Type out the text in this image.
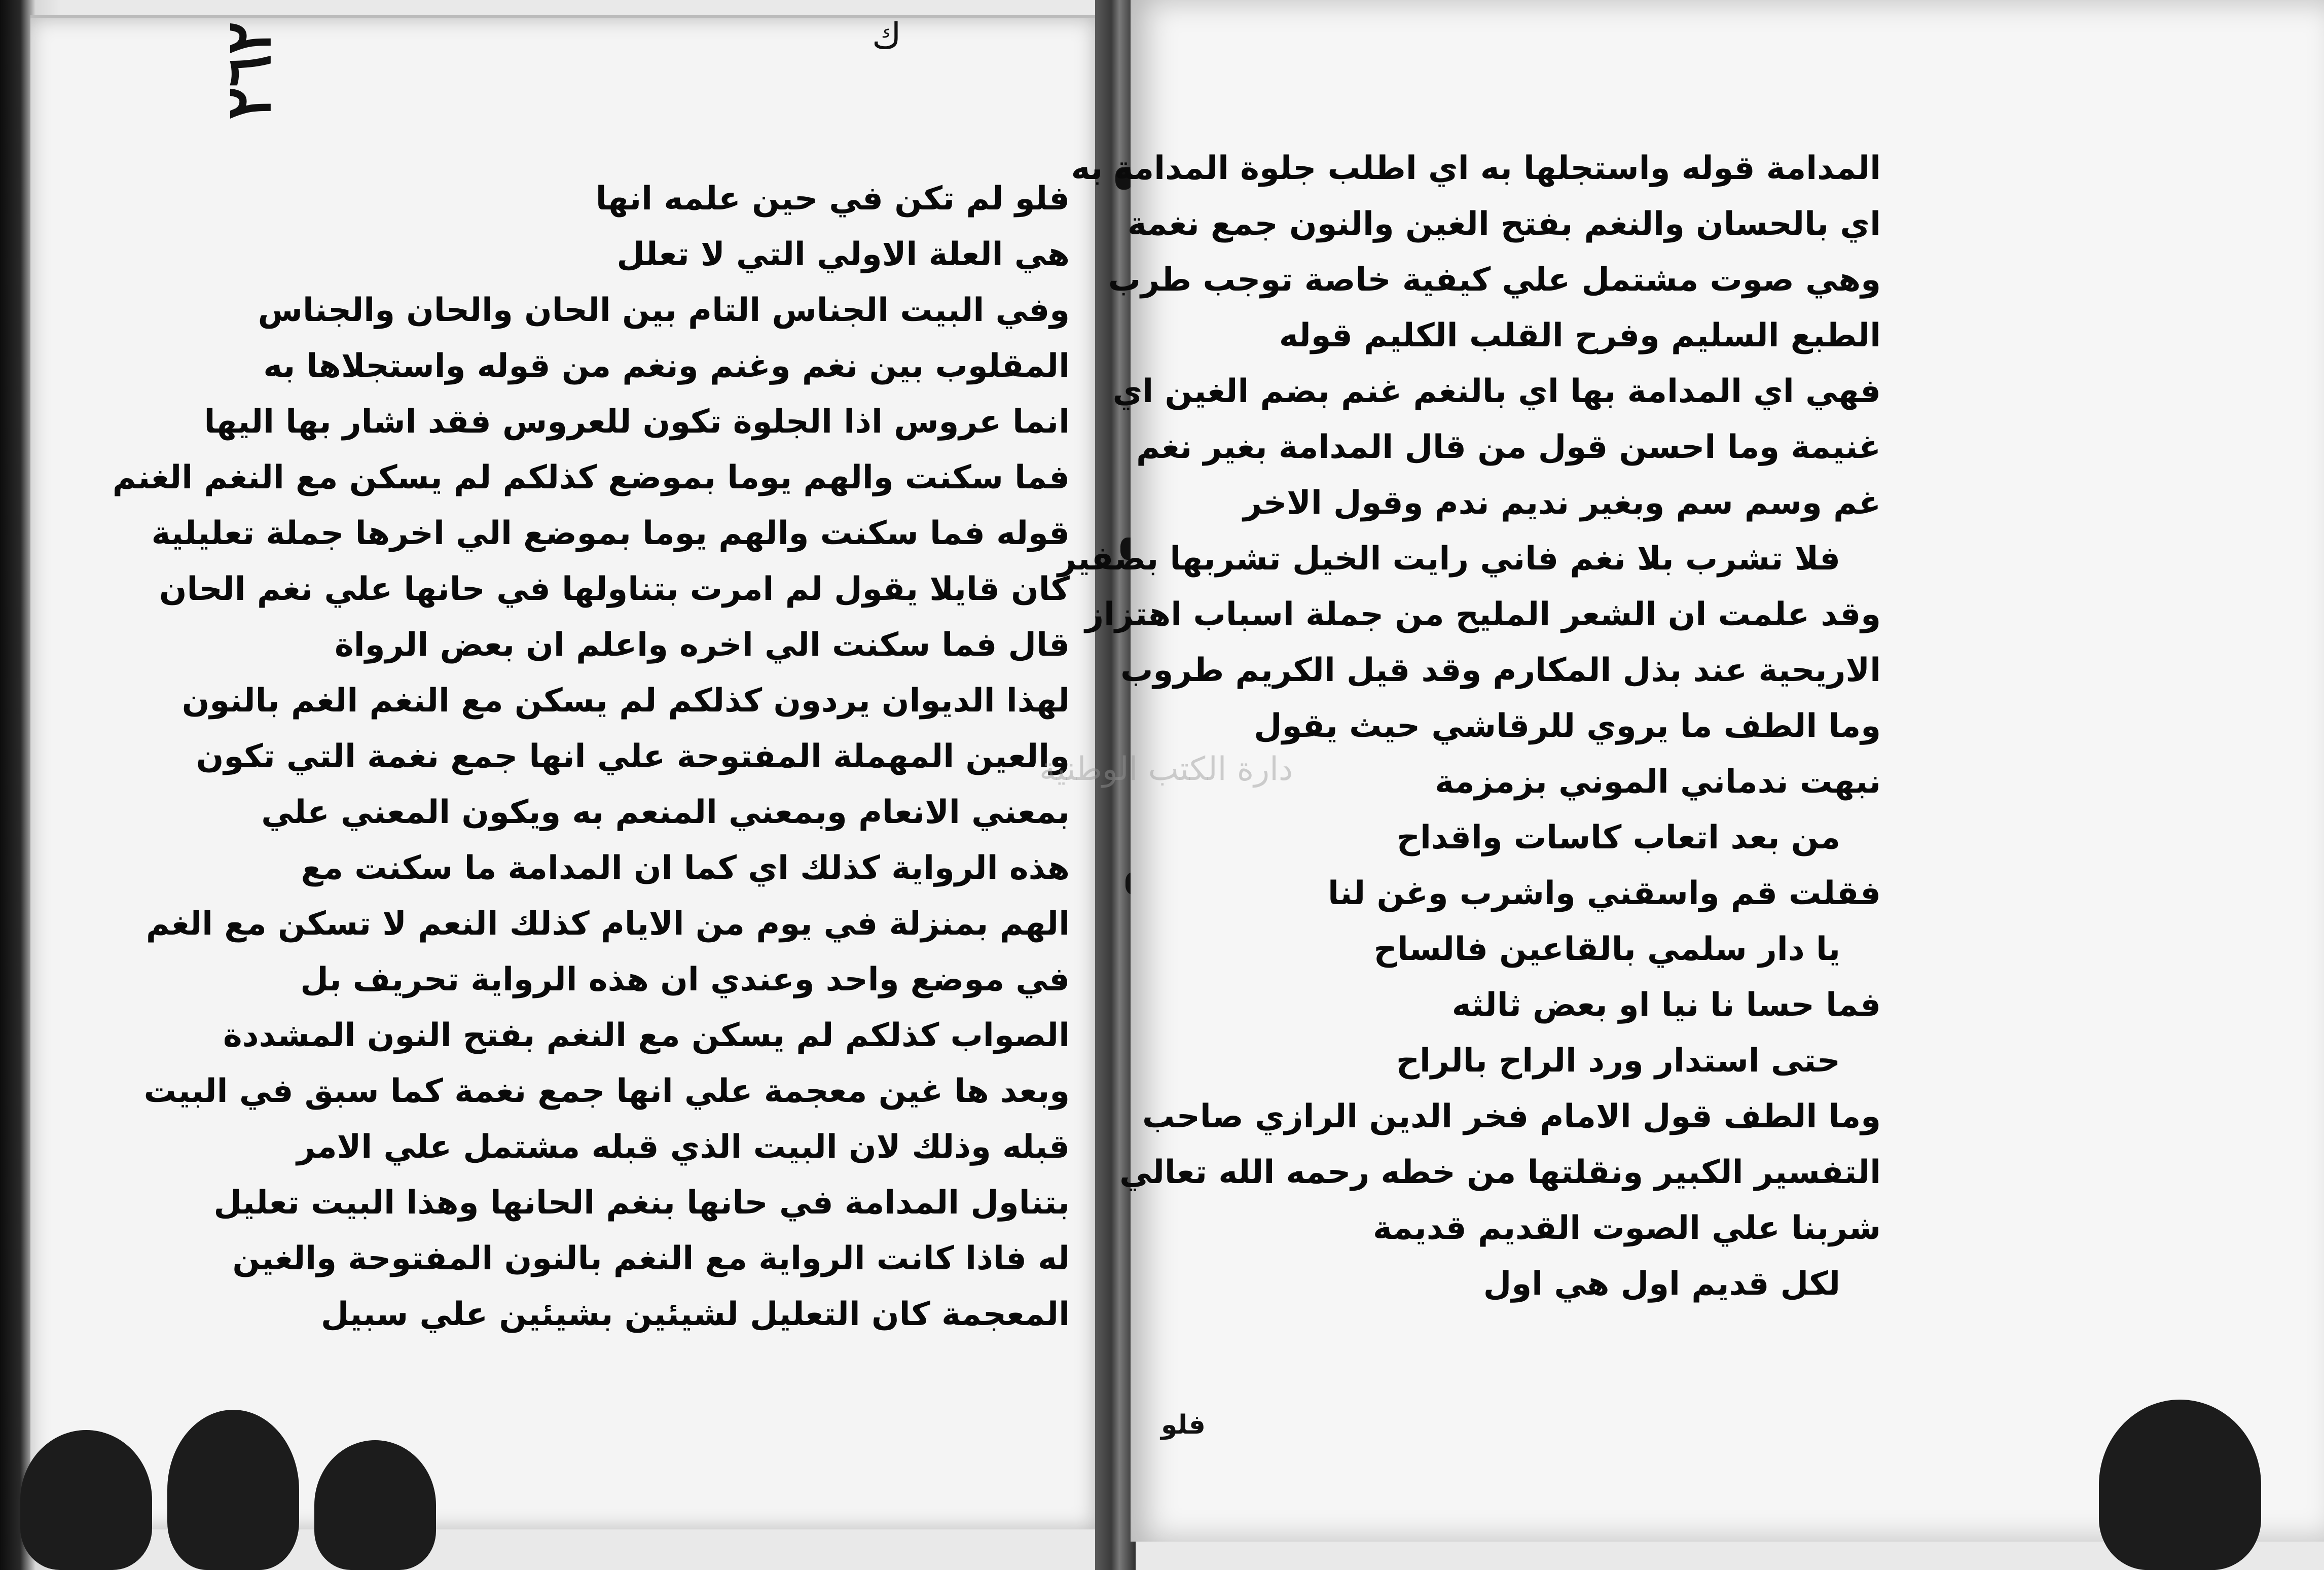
٢٦٢	ك
فلو لم تكن في حين علمه انها
هي العلة الاولي التي لا تعلل
وفي البيت الجناس التام بين الحان والحان والجناس
المقلوب بين نغم وغنم ونغم من قوله واستجلاها به
انما عروس اذا الجلوة تكون للعروس فقد اشار بها اليها
فما سكنت والهم يوما بموضع كذلكم لم يسكن مع النغم الغنم
قوله فما سكنت والهم يوما بموضع الي اخرها جملة تعليلية
كان قايلا يقول لم امرت بتناولها في حانها علي نغم الحان
قال فما سكنت الي اخره واعلم ان بعض الرواة
لهذا الديوان يردون كذلكم لم يسكن مع النغم الغم بالنون
والعين المهملة المفتوحة علي انها جمع نغمة التي تكون
بمعني الانعام وبمعني المنعم به ويكون المعني علي
هذه الرواية كذلك اي كما ان المدامة ما سكنت مع
الهم بمنزلة في يوم من الايام كذلك النعم لا تسكن مع الغم
في موضع واحد وعندي ان هذه الرواية تحريف بل
الصواب كذلكم لم يسكن مع النغم بفتح النون المشددة
وبعد ها غين معجمة علي انها جمع نغمة كما سبق في البيت
قبله وذلك لان البيت الذي قبله مشتمل علي الامر
بتناول المدامة في حانها بنغم الحانها وهذا البيت تعليل
له فاذا كانت الرواية مع النغم بالنون المفتوحة والغين
المعجمة كان التعليل لشيئين بشيئين علي سبيل
المدامة قوله واستجلها به اي اطلب جلوة المدامة به
اي بالحسان والنغم بفتح الغين والنون جمع نغمة
وهي صوت مشتمل علي كيفية خاصة توجب طرب
الطبع السليم وفرح القلب الكليم قوله
فهي اي المدامة بها اي بالنغم غنم بضم الغين اي
غنيمة وما احسن قول من قال المدامة بغير نغم
غم وسم سم وبغير نديم ندم وقول الاخر
فلا تشرب بلا نغم فاني رايت الخيل تشربها بصفير
وقد علمت ان الشعر المليح من جملة اسباب اهتزاز
الاريحية عند بذل المكارم وقد قيل الكريم طروب
وما الطف ما يروي للرقاشي حيث يقول
نبهت ندماني الموني بزمزمة
من بعد اتعاب كاسات واقداح
فقلت قم واسقني واشرب وغن لنا
يا دار سلمي بالقاعين فالساح
فما حسا نا نيا او بعض ثالثه
حتى استدار ورد الراح بالراح
وما الطف قول الامام فخر الدين الرازي صاحب
التفسير الكبير ونقلتها من خطه رحمه الله تعالي
شربنا علي الصوت القديم قديمة
لكل قديم اول هي اول
فلو
دارة الكتب الوطنية
